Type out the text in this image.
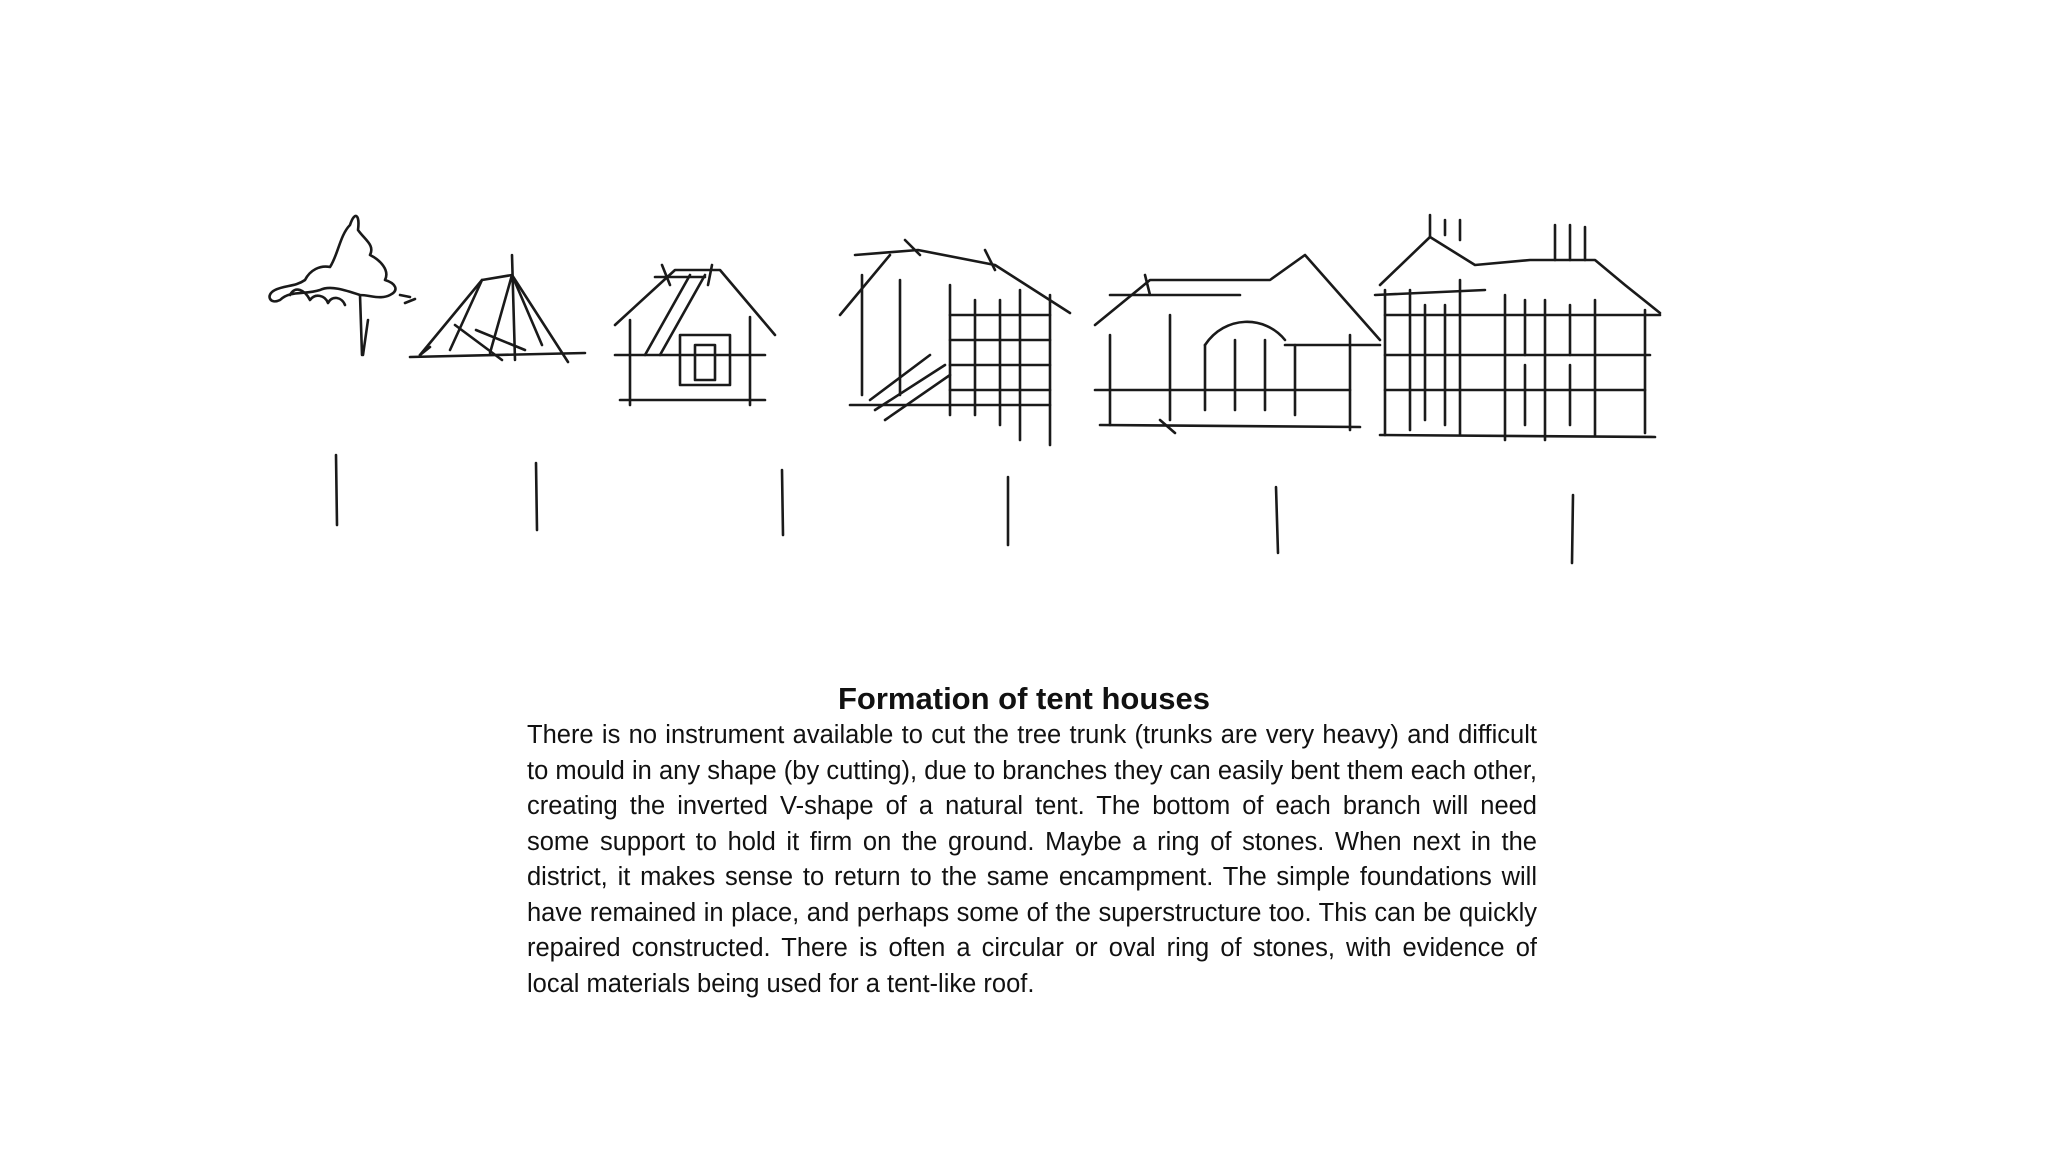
Formation of tent houses

There is no instrument available to cut the tree trunk (trunks are very heavy) and difficult to mould in any shape (by cutting), due to branches they can easily bent them each other, creating the inverted V-shape of a natural tent. The bottom of each branch will need some support to hold it firm on the ground. Maybe a ring of stones. When next in the district, it makes sense to return to the same encampment. The simple foundations will have remained in place, and perhaps some of the superstructure too. This can be quickly repaired constructed. There is often a circular or oval ring of stones, with evidence of local materials being used for a tent-like roof.
